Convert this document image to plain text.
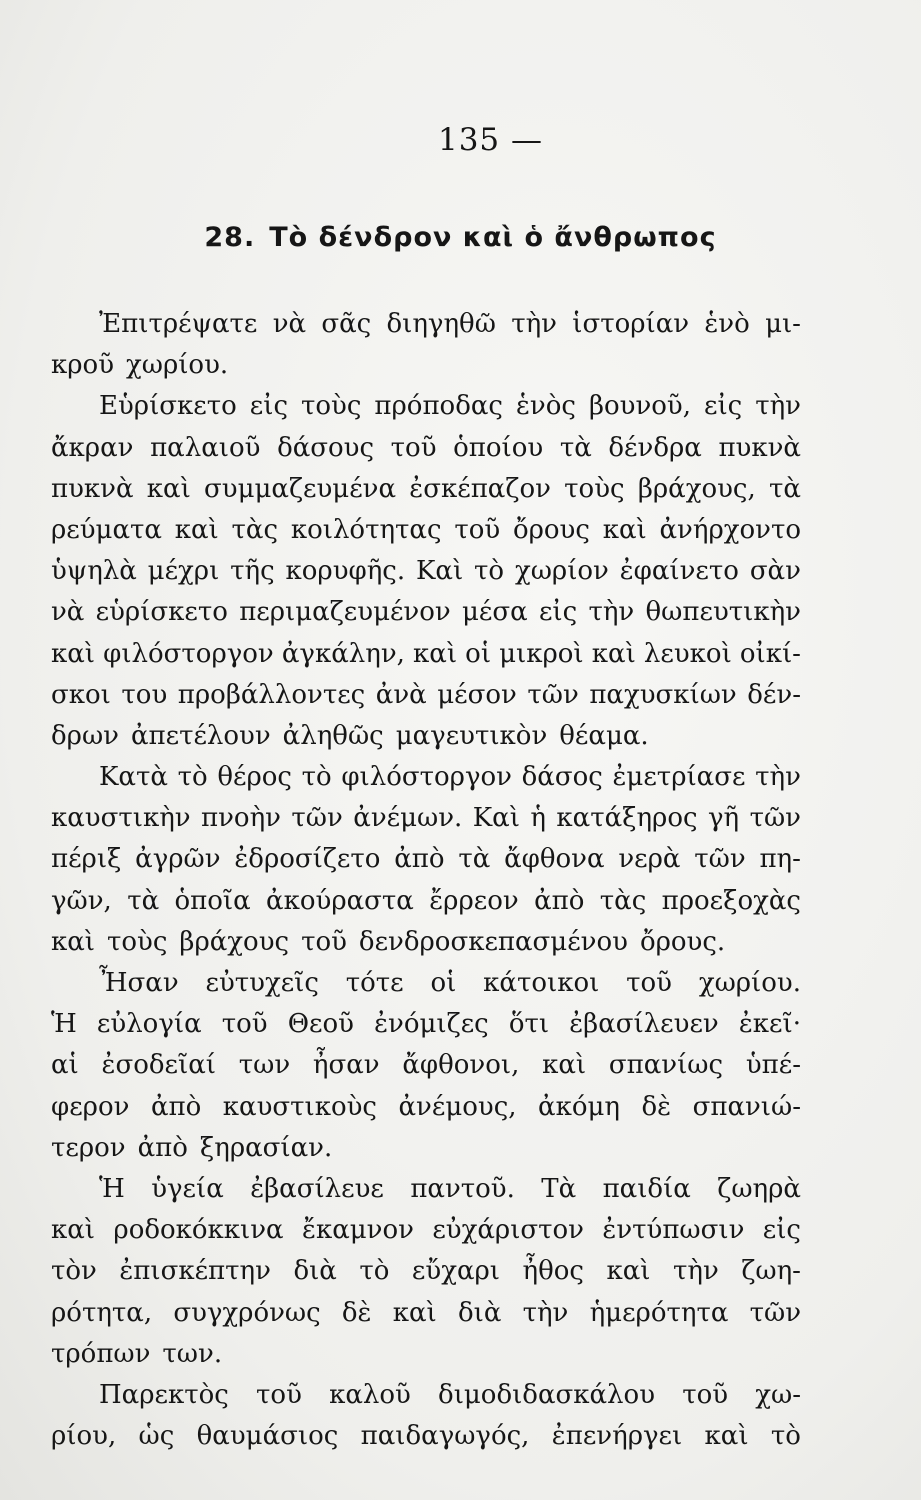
135 —
28. Τὸ δένδρον καὶ ὁ ἄνθρωπος
Ἐπιτρέψατε νὰ σᾶς διηγηθῶ τὴν ἱστορίαν ἑνὸ μι-
κροῦ χωρίου.
Εὑρίσκετο εἰς τοὺς πρόποδας ἑνὸς βουνοῦ, εἰς τὴν
ἄκραν παλαιοῦ δάσους τοῦ ὁποίου τὰ δένδρα πυκνὰ
πυκνὰ καὶ συμμαζευμένα ἐσκέπαζον τοὺς βράχους, τὰ
ρεύματα καὶ τὰς κοιλότητας τοῦ ὄρους καὶ ἀνήρχοντο
ὑψηλὰ μέχρι τῆς κορυφῆς. Καὶ τὸ χωρίον ἐφαίνετο σὰν
νὰ εὑρίσκετο περιμαζευμένον μέσα εἰς τὴν θωπευτικὴν
καὶ φιλόστοργον ἀγκάλην, καὶ οἱ μικροὶ καὶ λευκοὶ οἰκί-
σκοι του προβάλλοντες ἀνὰ μέσον τῶν παχυσκίων δέν-
δρων ἀπετέλουν ἀληθῶς μαγευτικὸν θέαμα.
Κατὰ τὸ θέρος τὸ φιλόστοργον δάσος ἐμετρίασε τὴν
καυστικὴν πνοὴν τῶν ἀνέμων. Καὶ ἡ κατάξηρος γῆ τῶν
πέριξ ἀγρῶν ἐδροσίζετο ἀπὸ τὰ ἄφθονα νερὰ τῶν πη-
γῶν, τὰ ὁποῖα ἀκούραστα ἔρρεον ἀπὸ τὰς προεξοχὰς
καὶ τοὺς βράχους τοῦ δενδροσκεπασμένου ὄρους.
Ἦσαν εὐτυχεῖς τότε οἱ κάτοικοι τοῦ χωρίου.
Ἡ εὐλογία τοῦ Θεοῦ ἐνόμιζες ὅτι ἐβασίλευεν ἐκεῖ·
αἱ ἐσοδεῖαί των ἦσαν ἄφθονοι, καὶ σπανίως ὑπέ-
φερον ἀπὸ καυστικοὺς ἀνέμους, ἀκόμη δὲ σπανιώ-
τερον ἀπὸ ξηρασίαν.
Ἡ ὑγεία ἐβασίλευε παντοῦ. Τὰ παιδία ζωηρὰ
καὶ ροδοκόκκινα ἔκαμνον εὐχάριστον ἐντύπωσιν εἰς
τὸν ἐπισκέπτην διὰ τὸ εὔχαρι ἦθος καὶ τὴν ζωη-
ρότητα, συγχρόνως δὲ καὶ διὰ τὴν ἡμερότητα τῶν
τρόπων των.
Παρεκτὸς τοῦ καλοῦ διμοδιδασκάλου τοῦ χω-
ρίου, ὡς θαυμάσιος παιδαγωγός, ἐπενήργει καὶ τὸ
